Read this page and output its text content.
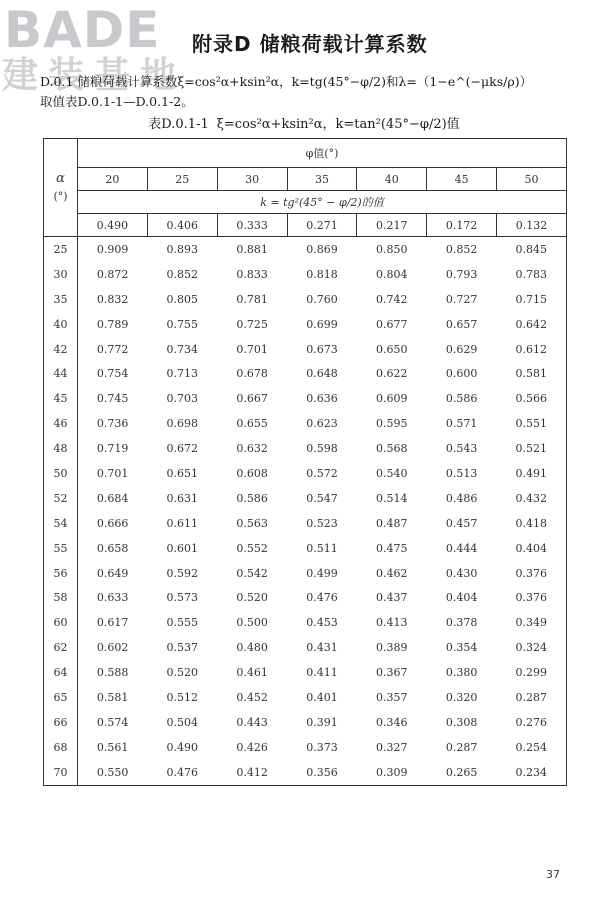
BADE
建装基地
附录D 储粮荷载计算系数

D.0.1 储粮荷载计算系数ξ=cos²α+ksin²α，k=tg(45°−φ/2)和λ=（1−e^(−μks/ρ)）

取值表D.0.1-1—D.0.1-2。

表D.0.1-1 ξ=cos²α+ksin²α，k=tan²(45°−φ/2)值
α
(°)	φ值(°)						
	20	25	30	35	40	45	50
	k = tg²(45° − φ/2)的值						
	0.490	0.406	0.333	0.271	0.217	0.172	0.132
25	0.909	0.893	0.881	0.869	0.850	0.852	0.845
30	0.872	0.852	0.833	0.818	0.804	0.793	0.783
35	0.832	0.805	0.781	0.760	0.742	0.727	0.715
40	0.789	0.755	0.725	0.699	0.677	0.657	0.642
42	0.772	0.734	0.701	0.673	0.650	0.629	0.612
44	0.754	0.713	0.678	0.648	0.622	0.600	0.581
45	0.745	0.703	0.667	0.636	0.609	0.586	0.566
46	0.736	0.698	0.655	0.623	0.595	0.571	0.551
48	0.719	0.672	0.632	0.598	0.568	0.543	0.521
50	0.701	0.651	0.608	0.572	0.540	0.513	0.491
52	0.684	0.631	0.586	0.547	0.514	0.486	0.432
54	0.666	0.611	0.563	0.523	0.487	0.457	0.418
55	0.658	0.601	0.552	0.511	0.475	0.444	0.404
56	0.649	0.592	0.542	0.499	0.462	0.430	0.376
58	0.633	0.573	0.520	0.476	0.437	0.404	0.376
60	0.617	0.555	0.500	0.453	0.413	0.378	0.349
62	0.602	0.537	0.480	0.431	0.389	0.354	0.324
64	0.588	0.520	0.461	0.411	0.367	0.380	0.299
65	0.581	0.512	0.452	0.401	0.357	0.320	0.287
66	0.574	0.504	0.443	0.391	0.346	0.308	0.276
68	0.561	0.490	0.426	0.373	0.327	0.287	0.254
70	0.550	0.476	0.412	0.356	0.309	0.265	0.234
37
